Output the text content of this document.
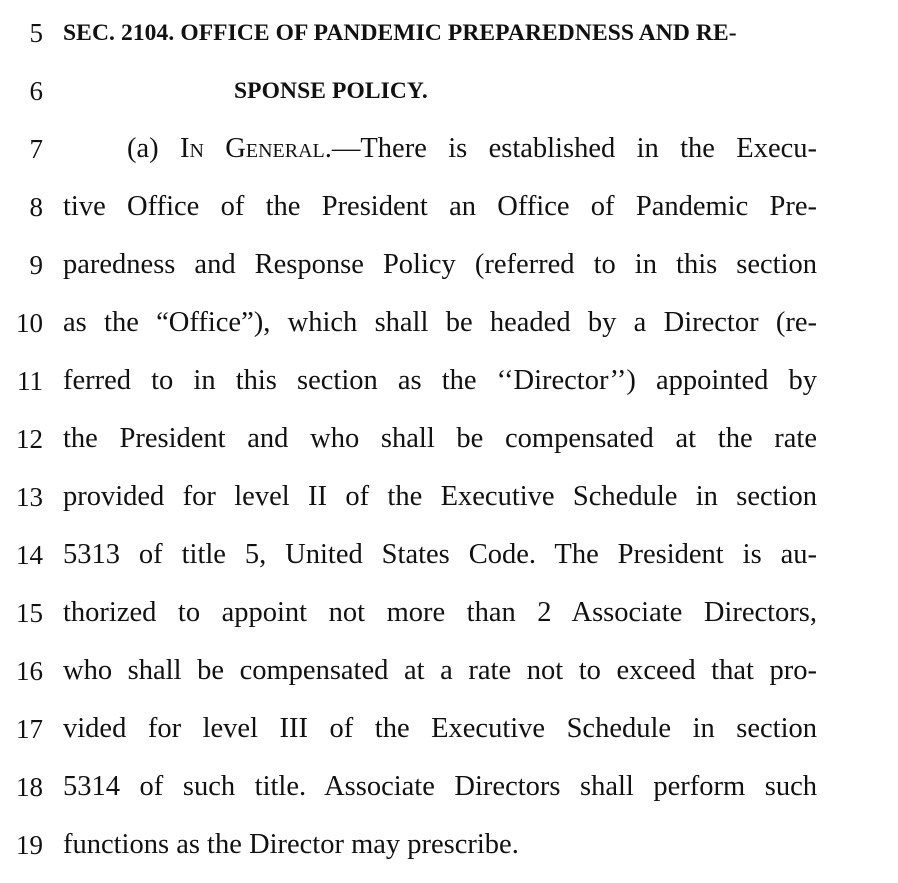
5 SEC. 2104. OFFICE OF PANDEMIC PREPAREDNESS AND RE-
6	SPONSE POLICY.
7	(a) In General.—There is established in the Execu-
8 tive Office of the President an Office of Pandemic Pre-
9 paredness and Response Policy (referred to in this section
10 as the “Office”), which shall be headed by a Director (re-
11 ferred to in this section as the ‘‘Director’’) appointed by
12 the President and who shall be compensated at the rate
13 provided for level II of the Executive Schedule in section
14 5313 of title 5, United States Code. The President is au-
15 thorized to appoint not more than 2 Associate Directors,
16 who shall be compensated at a rate not to exceed that pro-
17 vided for level III of the Executive Schedule in section
18 5314 of such title. Associate Directors shall perform such
19 functions as the Director may prescribe.
